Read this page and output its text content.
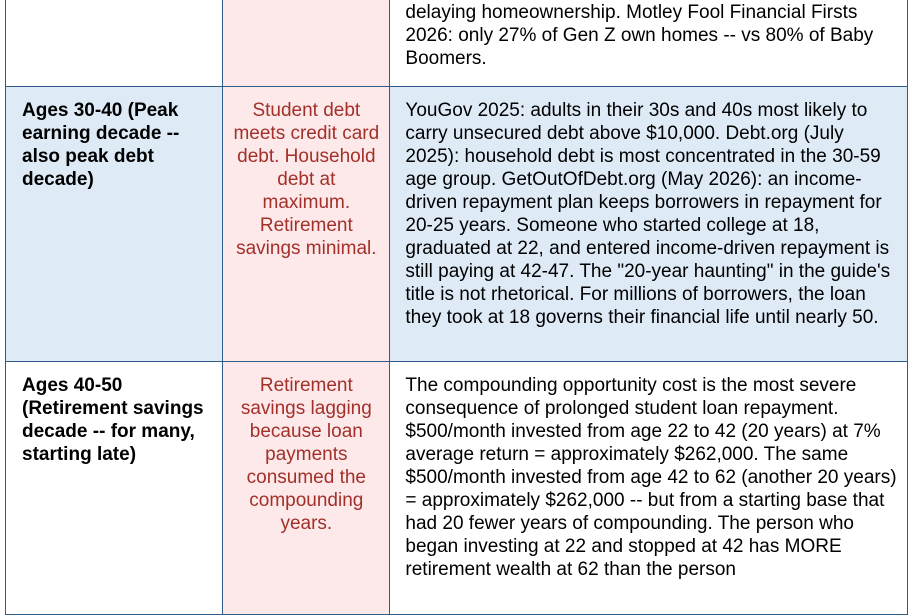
		delaying homeownership. Motley Fool Financial Firsts 2026: only 27% of Gen Z own homes -- vs 80% of Baby Boomers.
Ages 30-40 (Peak earning decade -- also peak debt decade)	Student debt meets credit card debt. Household debt at maximum. Retirement savings minimal.	YouGov 2025: adults in their 30s and 40s most likely to carry unsecured debt above $10,000. Debt.org (July 2025): household debt is most concentrated in the 30-59 age group. GetOutOfDebt.org (May 2026): an income-driven repayment plan keeps borrowers in repayment for 20-25 years. Someone who started college at 18, graduated at 22, and entered income-driven repayment is still paying at 42-47. The "20-year haunting" in the guide's title is not rhetorical. For millions of borrowers, the loan they took at 18 governs their financial life until nearly 50.
Ages 40-50 (Retirement savings decade -- for many, starting late)	Retirement savings lagging because loan payments consumed the compounding years.	The compounding opportunity cost is the most severe consequence of prolonged student loan repayment. $500/month invested from age 22 to 42 (20 years) at 7% average return = approximately $262,000. The same $500/month invested from age 42 to 62 (another 20 years) = approximately $262,000 -- but from a starting base that had 20 fewer years of compounding. The person who began investing at 22 and stopped at 42 has MORE retirement wealth at 62 than the person
